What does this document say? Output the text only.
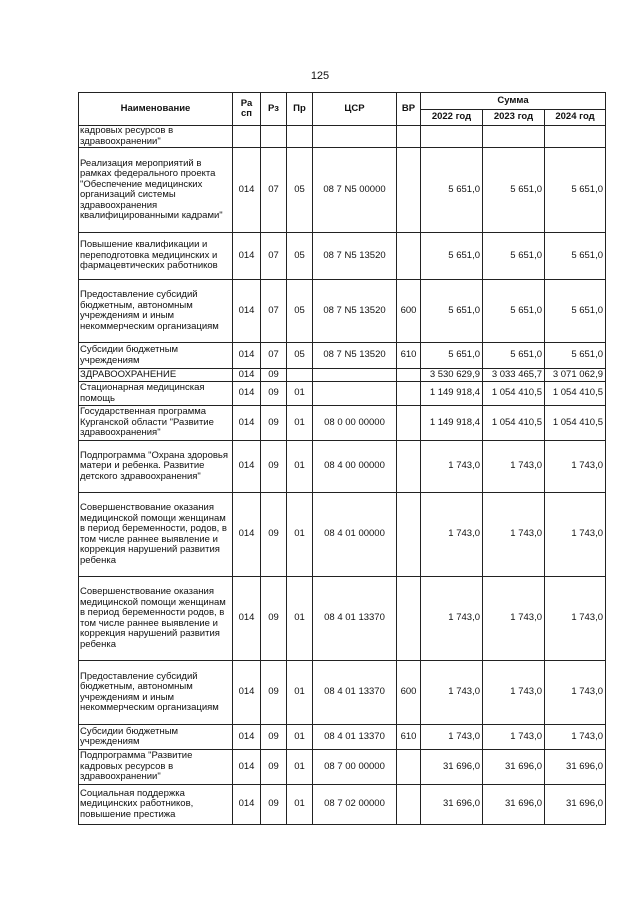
125
Наименование	Ра сп	Рз	Пр	ЦСР	ВР	Сумма		
						2022 год	2023 год	2024 год
кадровых ресурсов в здравоохранении"								
Реализация мероприятий в рамках федерального проекта "Обеспечение медицинских организаций системы здравоохранения квалифицированными кадрами"	014	07	05	08 7 N5 00000		5 651,0	5 651,0	5 651,0
Повышение квалификации и переподготовка медицинских и фармацевтических работников	014	07	05	08 7 N5 13520		5 651,0	5 651,0	5 651,0
Предоставление субсидий бюджетным, автономным учреждениям и иным некоммерческим организациям	014	07	05	08 7 N5 13520	600	5 651,0	5 651,0	5 651,0
Субсидии бюджетным учреждениям	014	07	05	08 7 N5 13520	610	5 651,0	5 651,0	5 651,0
ЗДРАВООХРАНЕНИЕ	014	09				3 530 629,9	3 033 465,7	3 071 062,9
Стационарная медицинская помощь	014	09	01			1 149 918,4	1 054 410,5	1 054 410,5
Государственная программа Курганской области "Развитие здравоохранения"	014	09	01	08 0 00 00000		1 149 918,4	1 054 410,5	1 054 410,5
Подпрограмма "Охрана здоровья матери и ребенка. Развитие детского здравоохранения"	014	09	01	08 4 00 00000		1 743,0	1 743,0	1 743,0
Совершенствование оказания медицинской помощи женщинам в период беременности, родов, в том числе раннее выявление и коррекция нарушений развития ребенка	014	09	01	08 4 01 00000		1 743,0	1 743,0	1 743,0
Совершенствование оказания медицинской помощи женщинам в период беременности родов, в том числе раннее выявление и коррекция нарушений развития ребенка	014	09	01	08 4 01 13370		1 743,0	1 743,0	1 743,0
Предоставление субсидий бюджетным, автономным учреждениям и иным некоммерческим организациям	014	09	01	08 4 01 13370	600	1 743,0	1 743,0	1 743,0
Субсидии бюджетным учреждениям	014	09	01	08 4 01 13370	610	1 743,0	1 743,0	1 743,0
Подпрограмма "Развитие кадровых ресурсов в здравоохранении"	014	09	01	08 7 00 00000		31 696,0	31 696,0	31 696,0
Социальная поддержка медицинских работников, повышение престижа	014	09	01	08 7 02 00000		31 696,0	31 696,0	31 696,0
